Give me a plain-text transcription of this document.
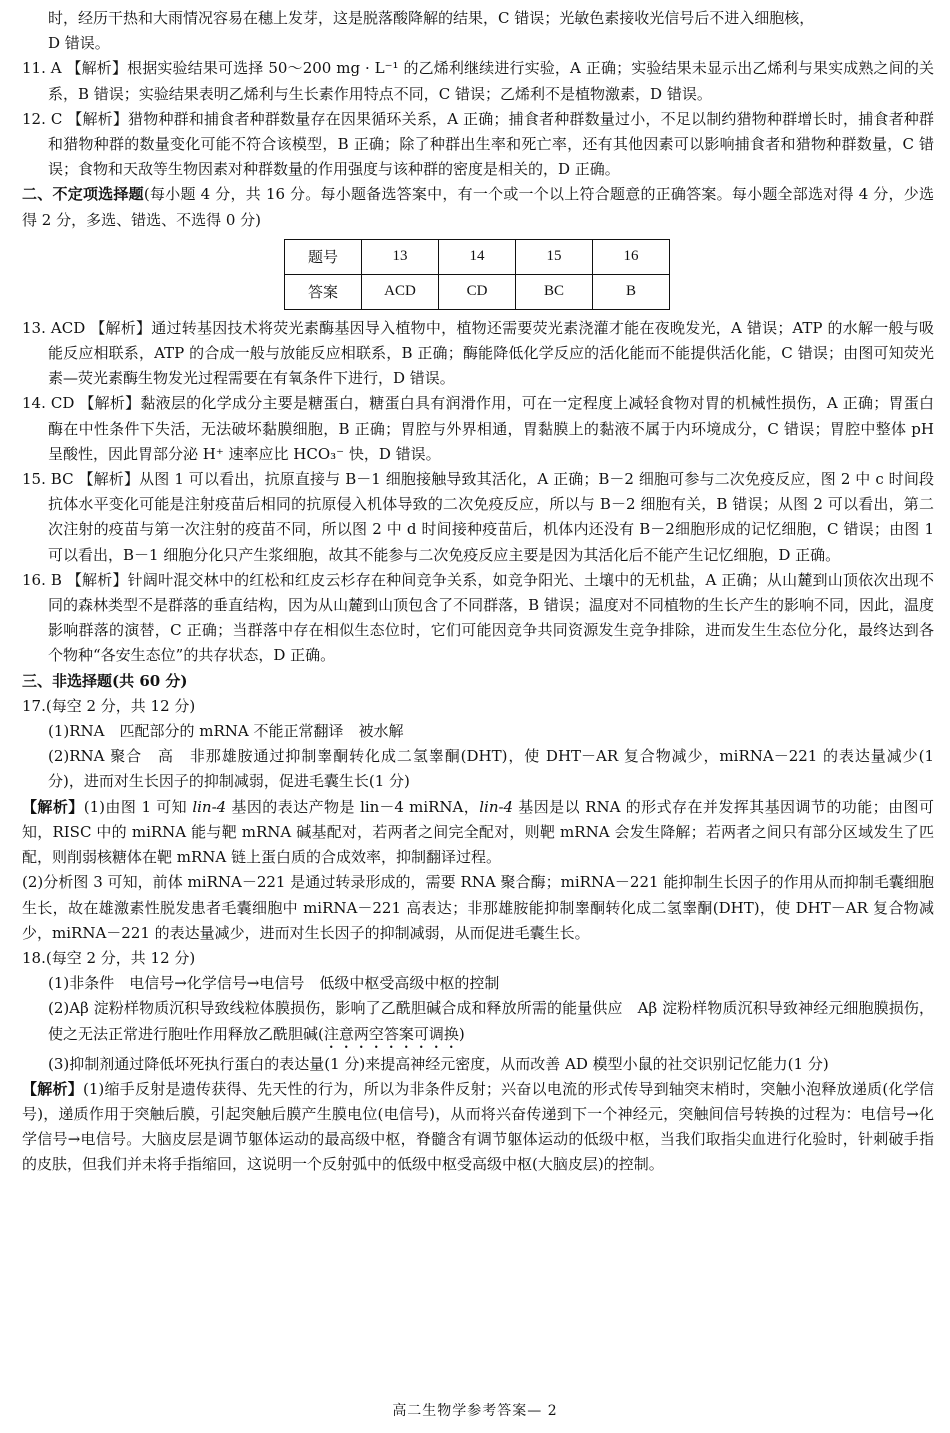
时，经历干热和大雨情况容易在穗上发芽，这是脱落酸降解的结果，C 错误；光敏色素接收光信号后不进入细胞核，

D 错误。

11. A 【解析】根据实验结果可选择 50～200 mg · L⁻¹ 的乙烯利继续进行实验，A 正确；实验结果未显示出乙烯利与果实成熟之间的关系，B 错误；实验结果表明乙烯利与生长素作用特点不同，C 错误；乙烯利不是植物激素，D 错误。

12. C 【解析】猎物种群和捕食者种群数量存在因果循环关系，A 正确；捕食者种群数量过小，不足以制约猎物种群增长时，捕食者种群和猎物种群的数量变化可能不符合该模型，B 正确；除了种群出生率和死亡率，还有其他因素可以影响捕食者和猎物种群数量，C 错误；食物和天敌等生物因素对种群数量的作用强度与该种群的密度是相关的，D 正确。

二、不定项选择题(每小题 4 分，共 16 分。每小题备选答案中，有一个或一个以上符合题意的正确答案。每小题全部选对得 4 分，少选得 2 分，多选、错选、不选得 0 分)

题号	13	14	15	16
答案	ACD	CD	BC	B

13. ACD 【解析】通过转基因技术将荧光素酶基因导入植物中，植物还需要荧光素浇灌才能在夜晚发光，A 错误；ATP 的水解一般与吸能反应相联系，ATP 的合成一般与放能反应相联系，B 正确；酶能降低化学反应的活化能而不能提供活化能，C 错误；由图可知荧光素—荧光素酶生物发光过程需要在有氧条件下进行，D 错误。

14. CD 【解析】黏液层的化学成分主要是糖蛋白，糖蛋白具有润滑作用，可在一定程度上减轻食物对胃的机械性损伤，A 正确；胃蛋白酶在中性条件下失活，无法破坏黏膜细胞，B 正确；胃腔与外界相通，胃黏膜上的黏液不属于内环境成分，C 错误；胃腔中整体 pH 呈酸性，因此胃部分泌 H⁺ 速率应比 HCO₃⁻ 快，D 错误。

15. BC 【解析】从图 1 可以看出，抗原直接与 B－1 细胞接触导致其活化，A 正确；B－2 细胞可参与二次免疫反应，图 2 中 c 时间段抗体水平变化可能是注射疫苗后相同的抗原侵入机体导致的二次免疫反应，所以与 B－2 细胞有关，B 错误；从图 2 可以看出，第二次注射的疫苗与第一次注射的疫苗不同，所以图 2 中 d 时间接种疫苗后，机体内还没有 B－2细胞形成的记忆细胞，C 错误；由图 1 可以看出，B－1 细胞分化只产生浆细胞，故其不能参与二次免疫反应主要是因为其活化后不能产生记忆细胞，D 正确。

16. B 【解析】针阔叶混交林中的红松和红皮云杉存在种间竞争关系，如竞争阳光、土壤中的无机盐，A 正确；从山麓到山顶依次出现不同的森林类型不是群落的垂直结构，因为从山麓到山顶包含了不同群落，B 错误；温度对不同植物的生长产生的影响不同，因此，温度影响群落的演替，C 正确；当群落中存在相似生态位时，它们可能因竞争共同资源发生竞争排除，进而发生生态位分化，最终达到各个物种“各安生态位”的共存状态，D 正确。

三、非选择题(共 60 分)

17.(每空 2 分，共 12 分)

(1)RNA　匹配部分的 mRNA 不能正常翻译　被水解

(2)RNA 聚合　高　非那雄胺通过抑制睾酮转化成二氢睾酮(DHT)，使 DHT－AR 复合物减少，miRNA－221 的表达量减少(1 分)，进而对生长因子的抑制减弱，促进毛囊生长(1 分)

【解析】(1)由图 1 可知 lin-4 基因的表达产物是 lin－4 miRNA，lin-4 基因是以 RNA 的形式存在并发挥其基因调节的功能；由图可知，RISC 中的 miRNA 能与靶 mRNA 碱基配对，若两者之间完全配对，则靶 mRNA 会发生降解；若两者之间只有部分区域发生了匹配，则削弱核糖体在靶 mRNA 链上蛋白质的合成效率，抑制翻译过程。

(2)分析图 3 可知，前体 miRNA－221 是通过转录形成的，需要 RNA 聚合酶；miRNA－221 能抑制生长因子的作用从而抑制毛囊细胞生长，故在雄激素性脱发患者毛囊细胞中 miRNA－221 高表达；非那雄胺能抑制睾酮转化成二氢睾酮(DHT)，使 DHT－AR 复合物减少，miRNA－221 的表达量减少，进而对生长因子的抑制减弱，从而促进毛囊生长。

18.(每空 2 分，共 12 分)

(1)非条件　电信号→化学信号→电信号　低级中枢受高级中枢的控制

(2)Aβ 淀粉样物质沉积导致线粒体膜损伤，影响了乙酰胆碱合成和释放所需的能量供应　Aβ 淀粉样物质沉积导致神经元细胞膜损伤，使之无法正常进行胞吐作用释放乙酰胆碱(注意两空答案可调换)

(3)抑制剂通过降低坏死执行蛋白的表达量(1 分)来提高神经元密度，从而改善 AD 模型小鼠的社交识别记忆能力(1 分)

【解析】(1)缩手反射是遗传获得、先天性的行为，所以为非条件反射；兴奋以电流的形式传导到轴突末梢时，突触小泡释放递质(化学信号)，递质作用于突触后膜，引起突触后膜产生膜电位(电信号)，从而将兴奋传递到下一个神经元，突触间信号转换的过程为：电信号→化学信号→电信号。大脑皮层是调节躯体运动的最高级中枢，脊髓含有调节躯体运动的低级中枢，当我们取指尖血进行化验时，针刺破手指的皮肤，但我们并未将手指缩回，这说明一个反射弧中的低级中枢受高级中枢(大脑皮层)的控制。

高二生物学参考答案— 2
